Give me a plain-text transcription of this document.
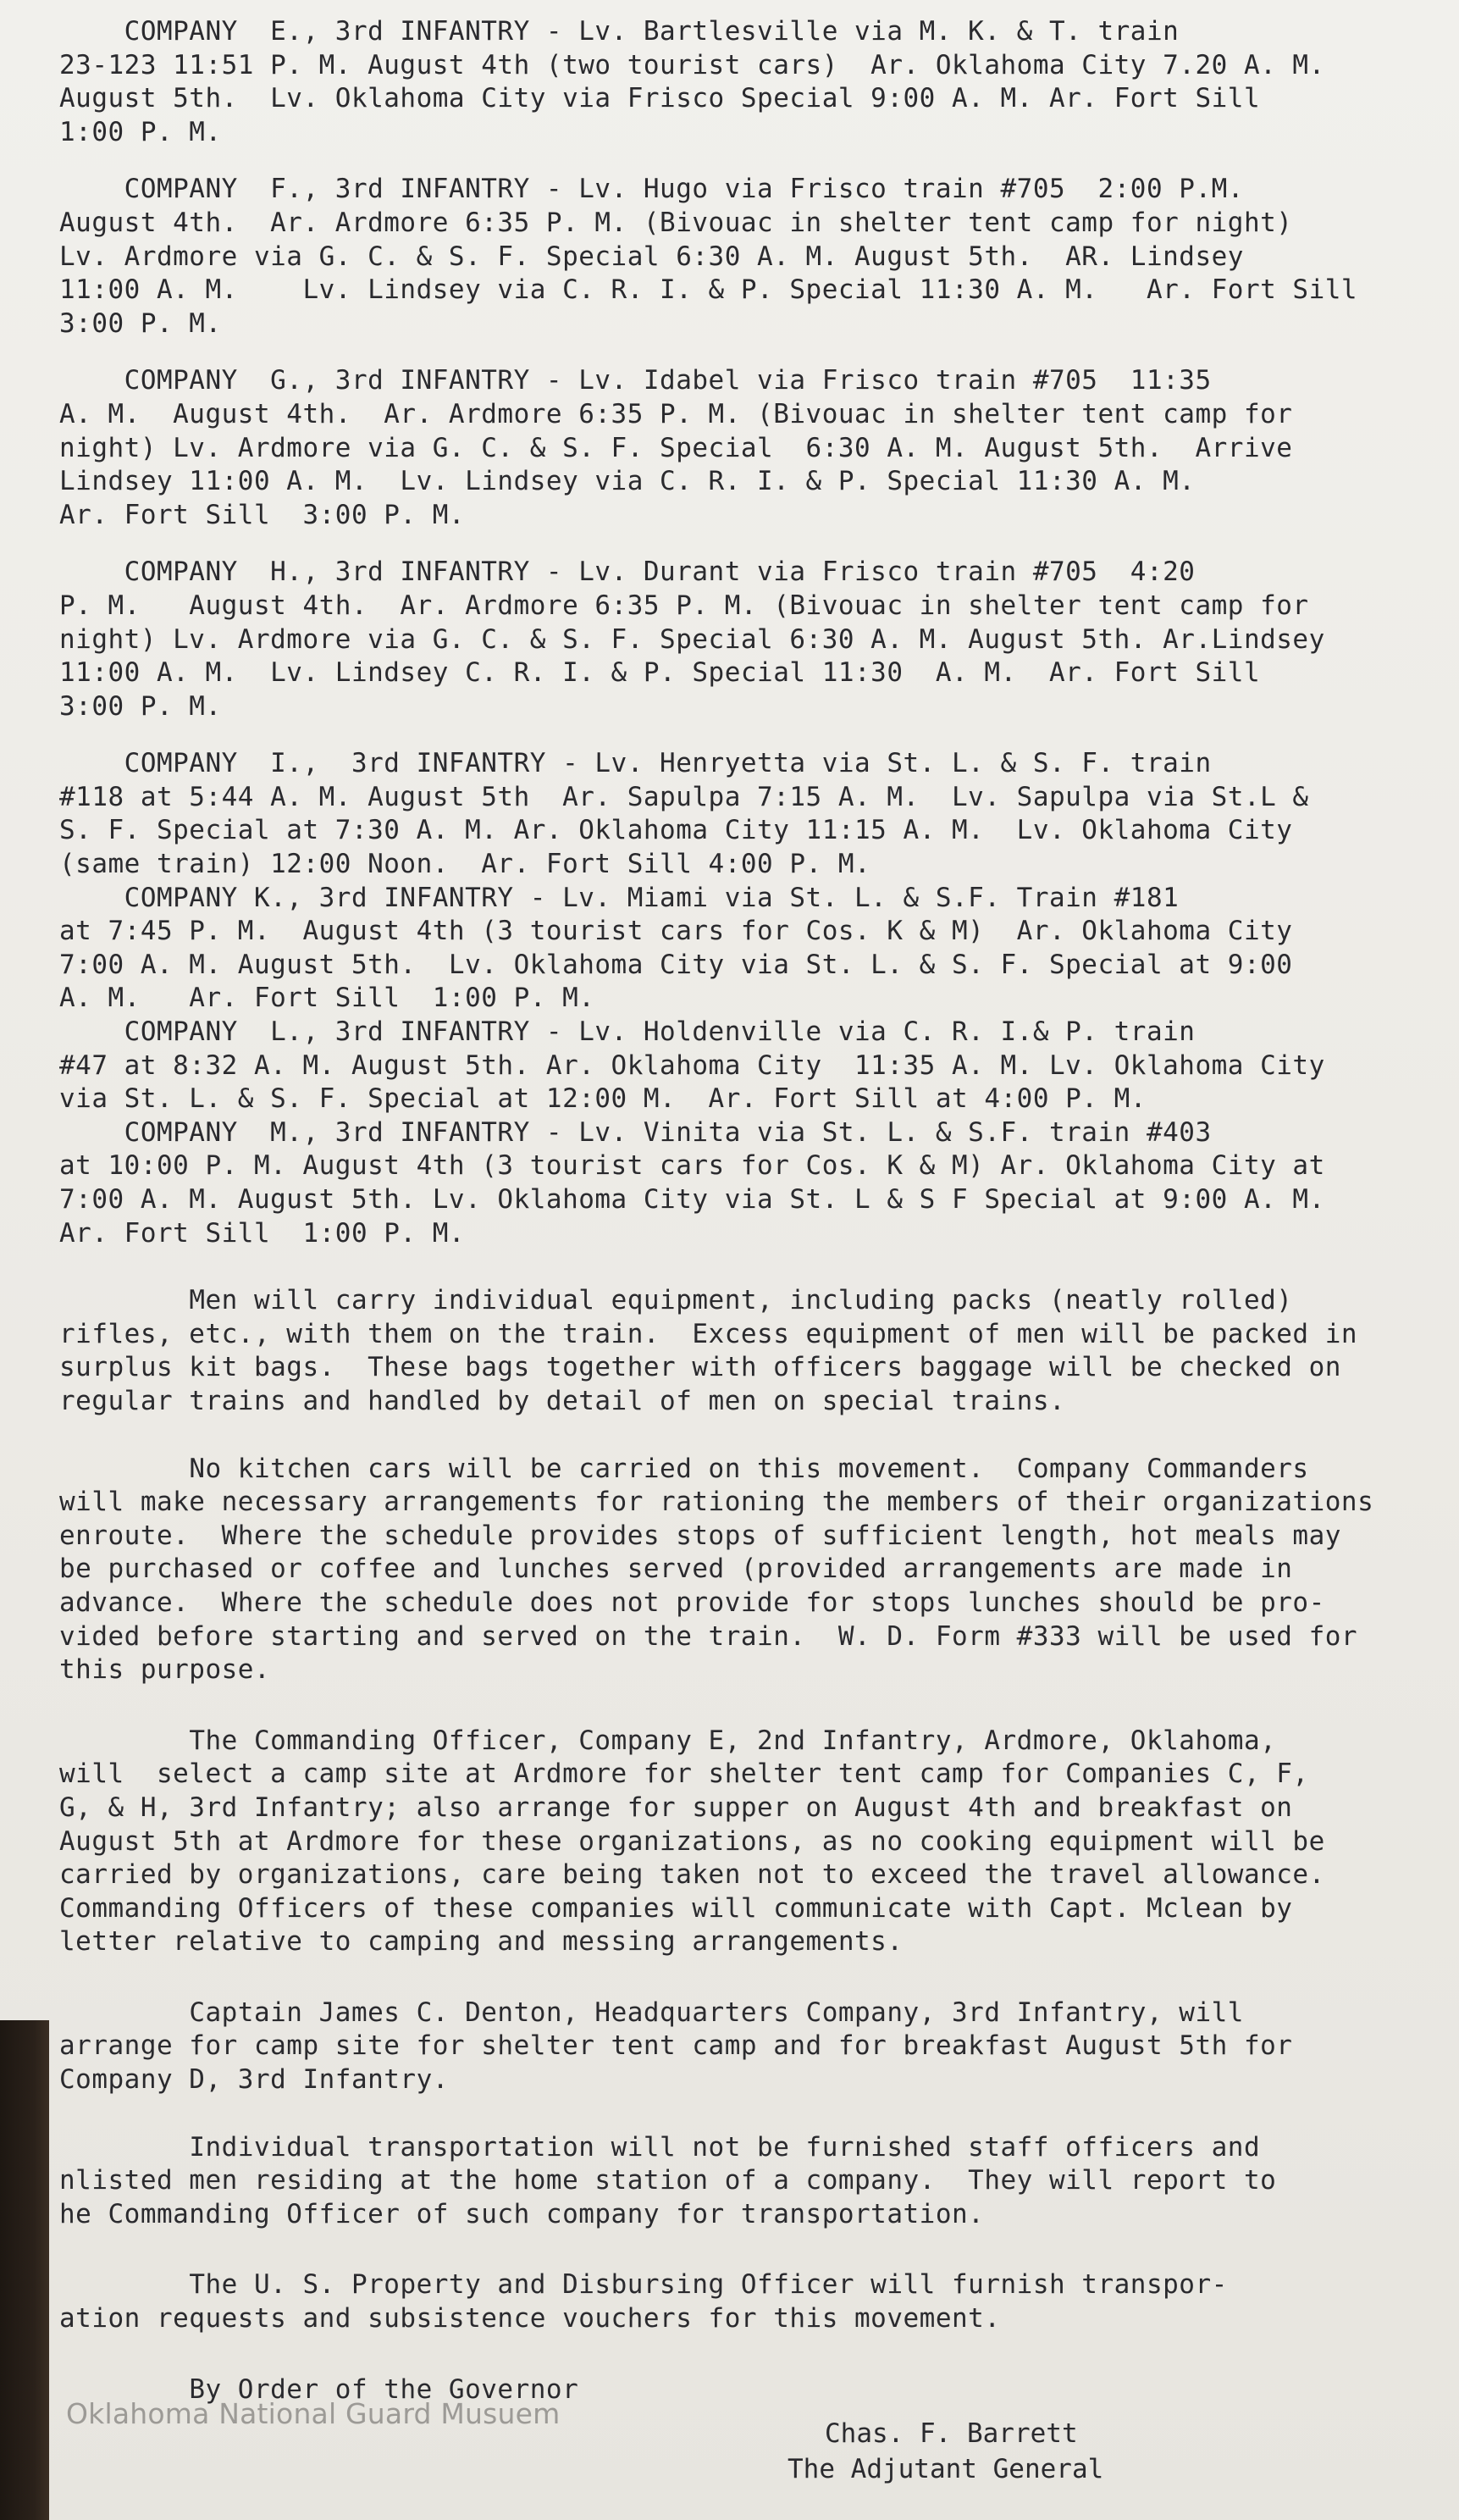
COMPANY  E., 3rd INFANTRY - Lv. Bartlesville via M. K. & T. train
23-123 11:51 P. M. August 4th (two tourist cars)  Ar. Oklahoma City 7.20 A. M.
August 5th.  Lv. Oklahoma City via Frisco Special 9:00 A. M. Ar. Fort Sill
1:00 P. M.

COMPANY  F., 3rd INFANTRY - Lv. Hugo via Frisco train #705  2:00 P.M.
August 4th.  Ar. Ardmore 6:35 P. M. (Bivouac in shelter tent camp for night)
Lv. Ardmore via G. C. & S. F. Special 6:30 A. M. August 5th.  AR. Lindsey
11:00 A. M.    Lv. Lindsey via C. R. I. & P. Special 11:30 A. M.   Ar. Fort Sill
3:00 P. M.

COMPANY  G., 3rd INFANTRY - Lv. Idabel via Frisco train #705  11:35
A. M.  August 4th.  Ar. Ardmore 6:35 P. M. (Bivouac in shelter tent camp for
night) Lv. Ardmore via G. C. & S. F. Special  6:30 A. M. August 5th.  Arrive
Lindsey 11:00 A. M.  Lv. Lindsey via C. R. I. & P. Special 11:30 A. M.
Ar. Fort Sill  3:00 P. M.

COMPANY  H., 3rd INFANTRY - Lv. Durant via Frisco train #705  4:20
P. M.   August 4th.  Ar. Ardmore 6:35 P. M. (Bivouac in shelter tent camp for
night) Lv. Ardmore via G. C. & S. F. Special 6:30 A. M. August 5th. Ar.Lindsey
11:00 A. M.  Lv. Lindsey C. R. I. & P. Special 11:30  A. M.  Ar. Fort Sill
3:00 P. M.

COMPANY  I.,  3rd INFANTRY - Lv. Henryetta via St. L. & S. F. train
#118 at 5:44 A. M. August 5th  Ar. Sapulpa 7:15 A. M.  Lv. Sapulpa via St.L &
S. F. Special at 7:30 A. M. Ar. Oklahoma City 11:15 A. M.  Lv. Oklahoma City
(same train) 12:00 Noon.  Ar. Fort Sill 4:00 P. M.

COMPANY K., 3rd INFANTRY - Lv. Miami via St. L. & S.F. Train #181
at 7:45 P. M.  August 4th (3 tourist cars for Cos. K & M)  Ar. Oklahoma City
7:00 A. M. August 5th.  Lv. Oklahoma City via St. L. & S. F. Special at 9:00
A. M.   Ar. Fort Sill  1:00 P. M.

COMPANY  L., 3rd INFANTRY - Lv. Holdenville via C. R. I.& P. train
#47 at 8:32 A. M. August 5th. Ar. Oklahoma City  11:35 A. M. Lv. Oklahoma City
via St. L. & S. F. Special at 12:00 M.  Ar. Fort Sill at 4:00 P. M.

COMPANY  M., 3rd INFANTRY - Lv. Vinita via St. L. & S.F. train #403
at 10:00 P. M. August 4th (3 tourist cars for Cos. K & M) Ar. Oklahoma City at
7:00 A. M. August 5th. Lv. Oklahoma City via St. L & S F Special at 9:00 A. M.
Ar. Fort Sill  1:00 P. M.

Men will carry individual equipment, including packs (neatly rolled)
rifles, etc., with them on the train.  Excess equipment of men will be packed in
surplus kit bags.  These bags together with officers baggage will be checked on
regular trains and handled by detail of men on special trains.

No kitchen cars will be carried on this movement.  Company Commanders
will make necessary arrangements for rationing the members of their organizations
enroute.  Where the schedule provides stops of sufficient length, hot meals may
be purchased or coffee and lunches served (provided arrangements are made in
advance.  Where the schedule does not provide for stops lunches should be pro-
vided before starting and served on the train.  W. D. Form #333 will be used for
this purpose.

The Commanding Officer, Company E, 2nd Infantry, Ardmore, Oklahoma,
will  select a camp site at Ardmore for shelter tent camp for Companies C, F,
G, & H, 3rd Infantry; also arrange for supper on August 4th and breakfast on
August 5th at Ardmore for these organizations, as no cooking equipment will be
carried by organizations, care being taken not to exceed the travel allowance.
Commanding Officers of these companies will communicate with Capt. Mclean by
letter relative to camping and messing arrangements.

Captain James C. Denton, Headquarters Company, 3rd Infantry, will
arrange for camp site for shelter tent camp and for breakfast August 5th for
Company D, 3rd Infantry.

Individual transportation will not be furnished staff officers and
nlisted men residing at the home station of a company.  They will report to
he Commanding Officer of such company for transportation.

The U. S. Property and Disbursing Officer will furnish transpor-
ation requests and subsistence vouchers for this movement.

By Order of the Governor

Oklahoma National Guard Musuem
Chas. F. Barrett
The Adjutant General
